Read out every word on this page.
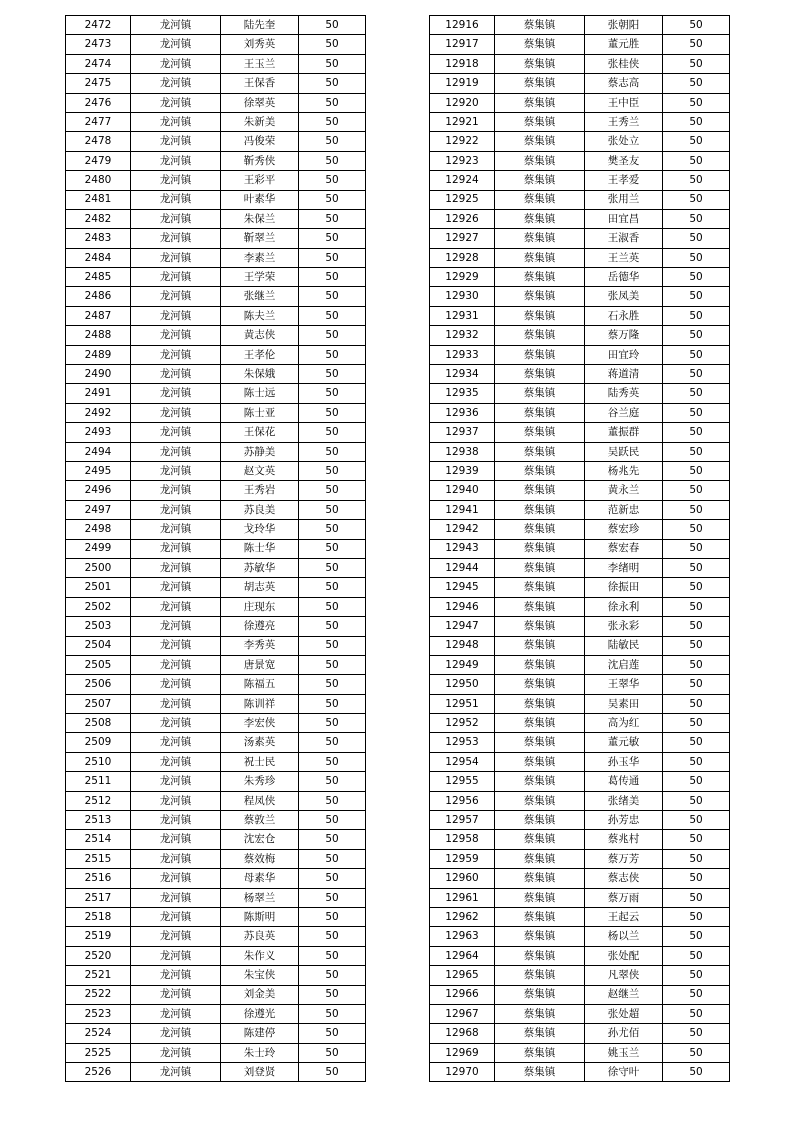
2472	龙河镇	陆先奎	50
2473	龙河镇	刘秀英	50
2474	龙河镇	王玉兰	50
2475	龙河镇	王保香	50
2476	龙河镇	徐翠英	50
2477	龙河镇	朱新美	50
2478	龙河镇	冯俊荣	50
2479	龙河镇	靳秀侠	50
2480	龙河镇	王彩平	50
2481	龙河镇	叶素华	50
2482	龙河镇	朱保兰	50
2483	龙河镇	靳翠兰	50
2484	龙河镇	李素兰	50
2485	龙河镇	王学荣	50
2486	龙河镇	张继兰	50
2487	龙河镇	陈夫兰	50
2488	龙河镇	黄志侠	50
2489	龙河镇	王孝伦	50
2490	龙河镇	朱保娥	50
2491	龙河镇	陈士远	50
2492	龙河镇	陈士亚	50
2493	龙河镇	王保花	50
2494	龙河镇	苏静美	50
2495	龙河镇	赵文英	50
2496	龙河镇	王秀岩	50
2497	龙河镇	苏良美	50
2498	龙河镇	戈玲华	50
2499	龙河镇	陈士华	50
2500	龙河镇	苏敏华	50
2501	龙河镇	胡志英	50
2502	龙河镇	庄现东	50
2503	龙河镇	徐遵亮	50
2504	龙河镇	李秀英	50
2505	龙河镇	唐景宽	50
2506	龙河镇	陈福五	50
2507	龙河镇	陈训祥	50
2508	龙河镇	李宏侠	50
2509	龙河镇	汤素英	50
2510	龙河镇	祝士民	50
2511	龙河镇	朱秀珍	50
2512	龙河镇	程凤侠	50
2513	龙河镇	蔡敦兰	50
2514	龙河镇	沈宏仓	50
2515	龙河镇	蔡效梅	50
2516	龙河镇	母素华	50
2517	龙河镇	杨翠兰	50
2518	龙河镇	陈斯明	50
2519	龙河镇	苏良英	50
2520	龙河镇	朱作义	50
2521	龙河镇	朱宝侠	50
2522	龙河镇	刘金美	50
2523	龙河镇	徐遵光	50
2524	龙河镇	陈建停	50
2525	龙河镇	朱士玲	50
2526	龙河镇	刘登贤	50
12916	蔡集镇	张朝阳	50
12917	蔡集镇	董元胜	50
12918	蔡集镇	张桂侠	50
12919	蔡集镇	蔡志高	50
12920	蔡集镇	王中臣	50
12921	蔡集镇	王秀兰	50
12922	蔡集镇	张处立	50
12923	蔡集镇	樊圣友	50
12924	蔡集镇	王孝爱	50
12925	蔡集镇	张用兰	50
12926	蔡集镇	田宜昌	50
12927	蔡集镇	王淑香	50
12928	蔡集镇	王兰英	50
12929	蔡集镇	岳德华	50
12930	蔡集镇	张凤美	50
12931	蔡集镇	石永胜	50
12932	蔡集镇	蔡万隆	50
12933	蔡集镇	田宜玲	50
12934	蔡集镇	蒋道清	50
12935	蔡集镇	陆秀英	50
12936	蔡集镇	谷兰庭	50
12937	蔡集镇	董振群	50
12938	蔡集镇	吴跃民	50
12939	蔡集镇	杨兆先	50
12940	蔡集镇	黄永兰	50
12941	蔡集镇	范新忠	50
12942	蔡集镇	蔡宏珍	50
12943	蔡集镇	蔡宏春	50
12944	蔡集镇	李绪明	50
12945	蔡集镇	徐振田	50
12946	蔡集镇	徐永利	50
12947	蔡集镇	张永彩	50
12948	蔡集镇	陆敏民	50
12949	蔡集镇	沈启莲	50
12950	蔡集镇	王翠华	50
12951	蔡集镇	吴素田	50
12952	蔡集镇	高为红	50
12953	蔡集镇	董元敏	50
12954	蔡集镇	孙玉华	50
12955	蔡集镇	葛传通	50
12956	蔡集镇	张绪美	50
12957	蔡集镇	孙芳忠	50
12958	蔡集镇	蔡兆村	50
12959	蔡集镇	蔡万芳	50
12960	蔡集镇	蔡志侠	50
12961	蔡集镇	蔡万雨	50
12962	蔡集镇	王起云	50
12963	蔡集镇	杨以兰	50
12964	蔡集镇	张处配	50
12965	蔡集镇	凡翠侠	50
12966	蔡集镇	赵继兰	50
12967	蔡集镇	张处超	50
12968	蔡集镇	孙尤佰	50
12969	蔡集镇	姚玉兰	50
12970	蔡集镇	徐守叶	50
